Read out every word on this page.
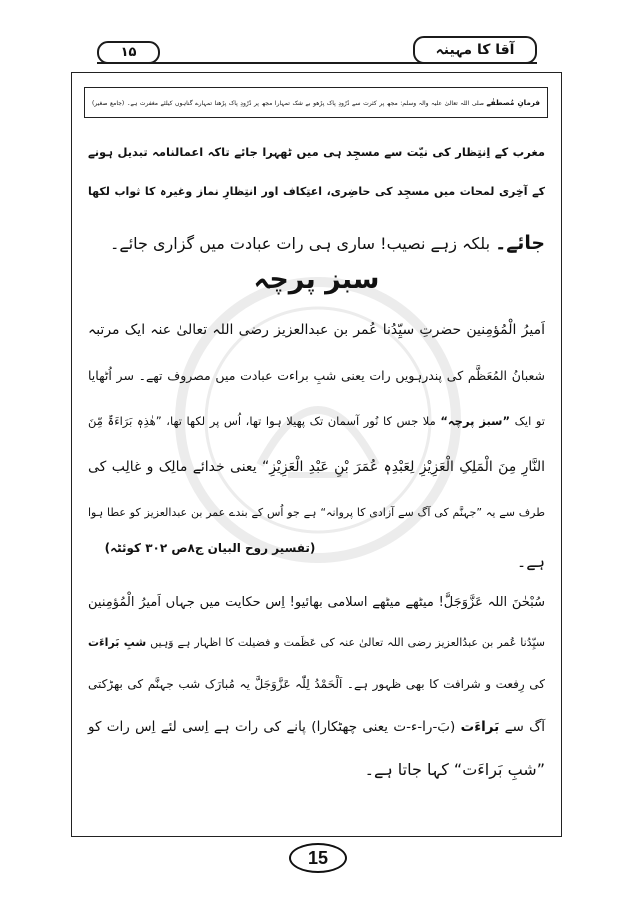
آقا کا مہینہ
۱۵
فرمانِ مُصطفٰے صلی اللہ تعالیٰ علیہ والہ وسلم: مجھ پر کثرت سے دُرُودِ پاک پڑھو بے شک تمہارا مجھ پر دُرُودِ پاک پڑھنا تمہارے گناہوں کیلئے مغفرت ہے۔ (جامع صغیر)
مغرب کے اِنتِظار کی نیّت سے مسجِد ہی میں ٹھہرا جائے تاکہ اعمالنامہ تبدیل ہونے
کے آخِری لمحات میں مسجِد کی حاضِری، اعتِکاف اور انتِظارِ نماز وغیرہ کا ثواب لکھا
جائے۔ بلکہ زہے نصیب! ساری ہی رات عبادت میں گزاری جائے۔
سبز پرچہ
اَمیرُ الْمُؤمِنین حضرتِ سیِّدُنا عُمر بن عبدالعزیز رضی اللہ تعالیٰ عنہ ایک مرتبہ
شعبانُ المُعَظَّم کی پندرہویں رات یعنی شبِ براءت عبادت میں مصروف تھے۔ سر اُٹھایا
تو ایک ”سبز پرچہ“ ملا جس کا نُور آسمان تک پھیلا ہوا تھا، اُس پر لکھا تھا، ”ھٰذِہٖ بَرَاءَۃٌ مِّنَ
النَّارِ مِنَ الْمَلِکِ الْعَزِیْزِ لِعَبْدِہٖ عُمَرَ بْنِ عَبْدِ الْعَزِیْزِ“ یعنی خدائے مالِک و غالِب کی
طرف سے یہ ”جہنَّم کی آگ سے آزادی کا پروانہ“ ہے جو اُس کے بندے عمر بن عبدالعزیز کو عطا ہوا
ہے۔
(تفسیر روح البیان ج۸ص ۳۰۲ کوئٹہ)
سُبْحٰنَ اللہ عَزَّوَجَلَّ! میٹھے میٹھے اسلامی بھائیو! اِس حکایت میں جہاں اَمیرُ الْمُؤمِنین
سیِّدُنا عُمر بن عبدُالعزیز رضی اللہ تعالیٰ عنہ کی عَظَمت و فضیلت کا اظہار ہے وَہیں شبِ بَراءَت
کی رِفعت و شرافت کا بھی ظہور ہے۔ اَلْحَمْدُ لِلّٰہ عَزَّوَجَلَّ یہ مُبارَک شب جہنَّم کی بھڑکتی
آگ سے بَراءَت (بَ-را-ء-ت یعنی چھٹکارا) پانے کی رات ہے اِسی لئے اِس رات کو
”شبِ بَراءَت“ کہا جاتا ہے۔
15
